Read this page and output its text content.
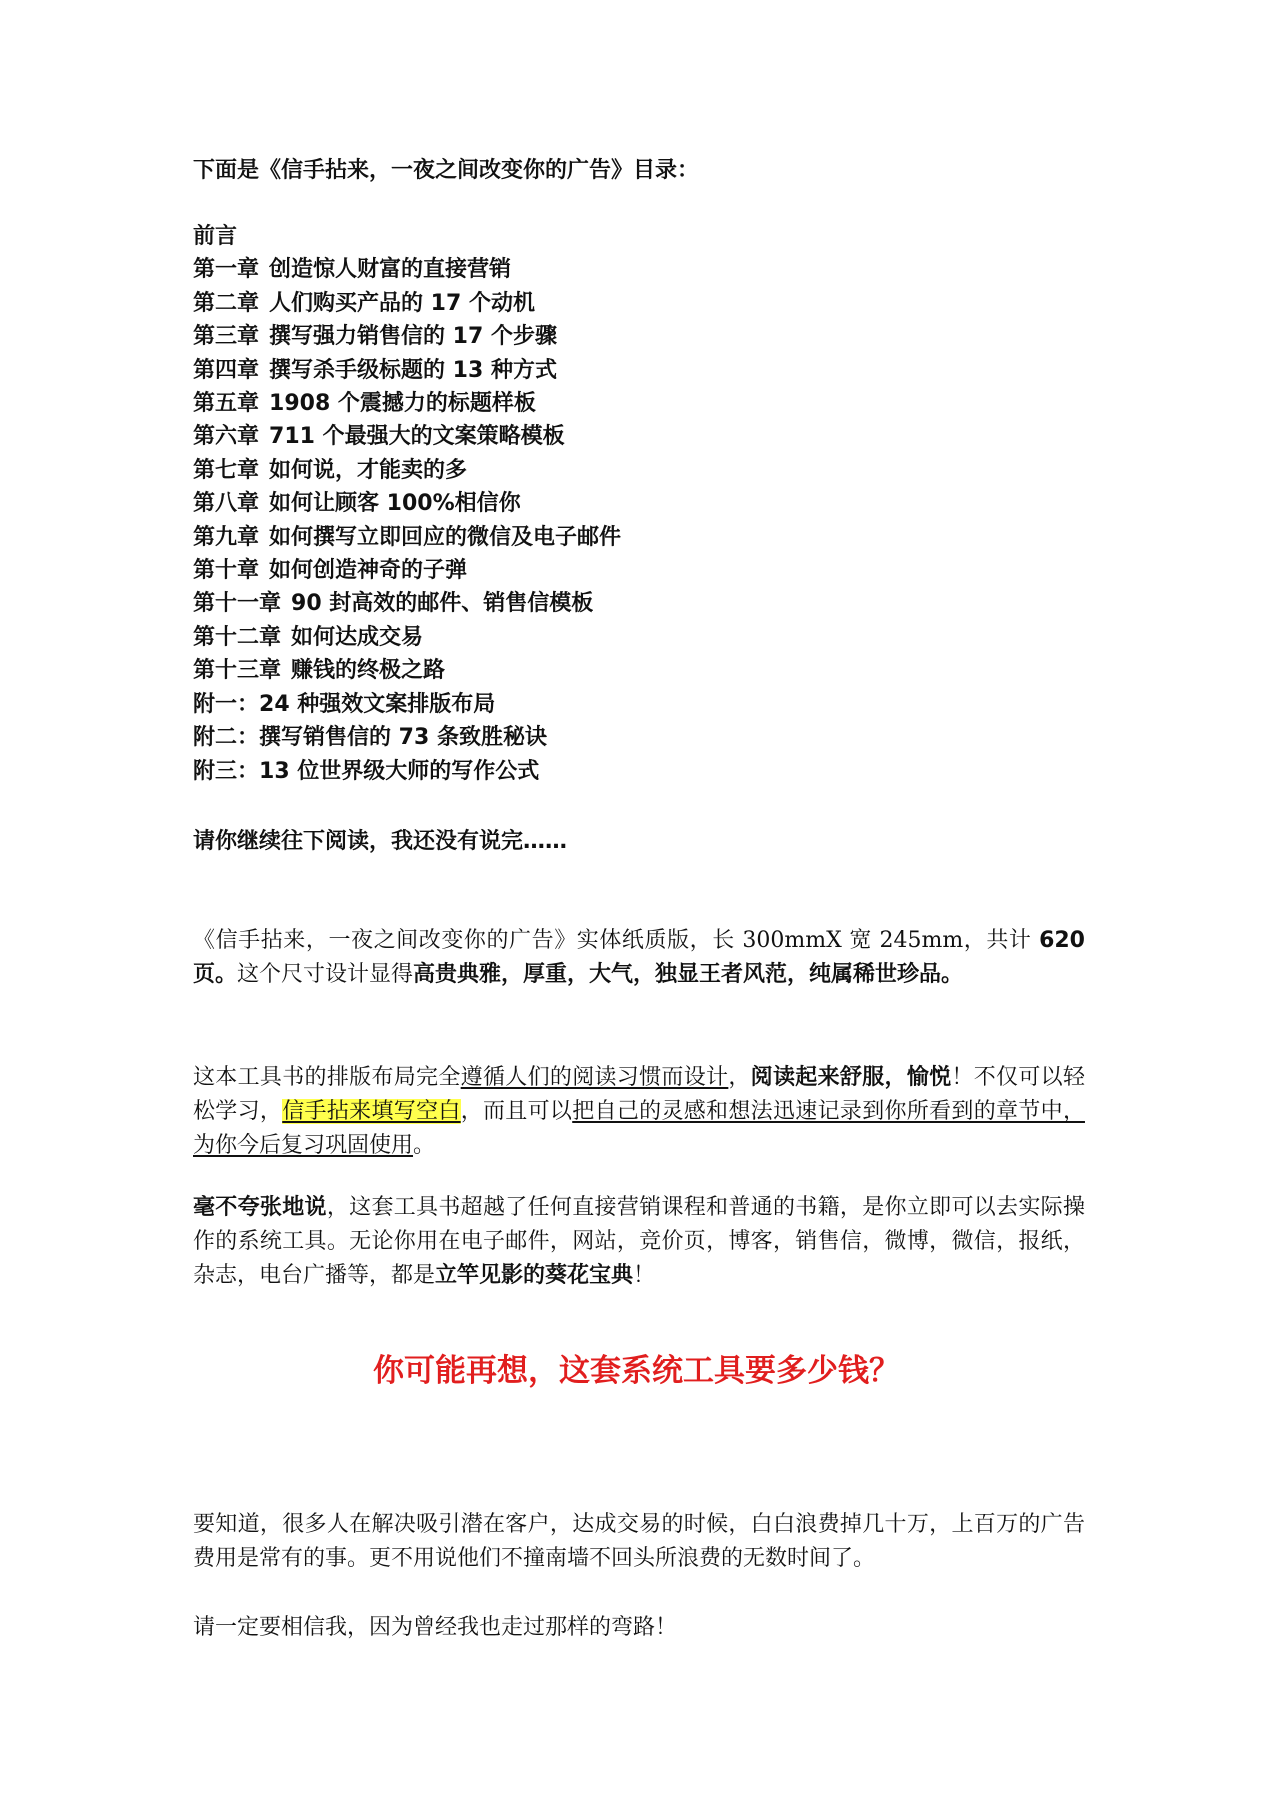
下面是《信手拈来，一夜之间改变你的广告》目录：
前言
第一章 创造惊人财富的直接营销
第二章 人们购买产品的 17 个动机
第三章 撰写强力销售信的 17 个步骤
第四章 撰写杀手级标题的 13 种方式
第五章 1908 个震撼力的标题样板
第六章 711 个最强大的文案策略模板
第七章 如何说，才能卖的多
第八章 如何让顾客 100%相信你
第九章 如何撰写立即回应的微信及电子邮件
第十章 如何创造神奇的子弹
第十一章 90 封高效的邮件、销售信模板
第十二章 如何达成交易
第十三章 赚钱的终极之路
附一：24 种强效文案排版布局
附二：撰写销售信的 73 条致胜秘诀
附三：13 位世界级大师的写作公式
请你继续往下阅读，我还没有说完……

《信手拈来，一夜之间改变你的广告》实体纸质版，长 300mmX 宽 245mm，共计 620 页。这个尺寸设计显得高贵典雅，厚重，大气，独显王者风范，纯属稀世珍品。

这本工具书的排版布局完全遵循人们的阅读习惯而设计，阅读起来舒服，愉悦！不仅可以轻松学习，信手拈来填写空白，而且可以把自己的灵感和想法迅速记录到你所看到的章节中，为你今后复习巩固使用。

毫不夸张地说，这套工具书超越了任何直接营销课程和普通的书籍，是你立即可以去实际操作的系统工具。无论你用在电子邮件，网站，竞价页，博客，销售信，微博，微信，报纸，杂志，电台广播等，都是立竿见影的葵花宝典！

你可能再想，这套系统工具要多少钱？

要知道，很多人在解决吸引潜在客户，达成交易的时候，白白浪费掉几十万，上百万的广告费用是常有的事。更不用说他们不撞南墙不回头所浪费的无数时间了。

请一定要相信我，因为曾经我也走过那样的弯路！
